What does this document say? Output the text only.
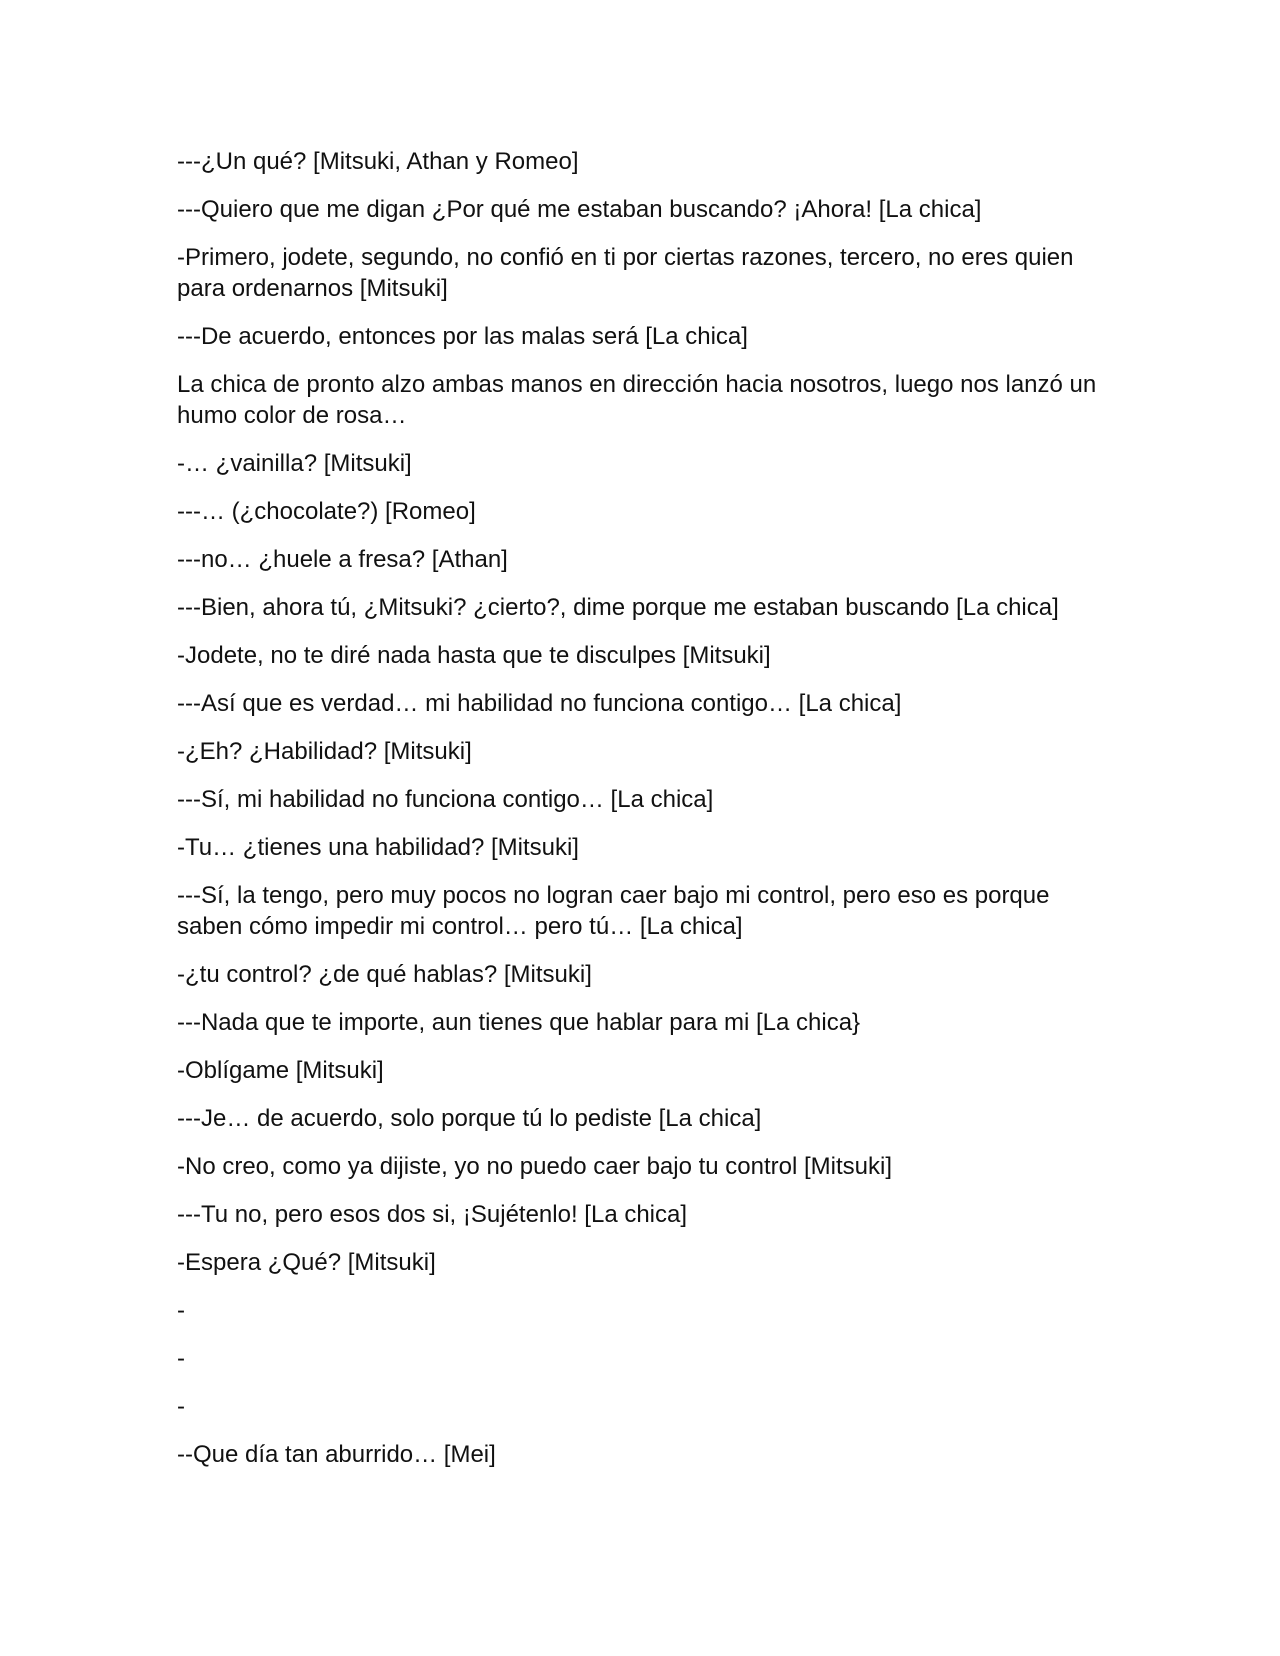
---¿Un qué? [Mitsuki, Athan y Romeo]

---Quiero que me digan ¿Por qué me estaban buscando? ¡Ahora! [La chica]

-Primero, jodete, segundo, no confió en ti por ciertas razones, tercero, no eres quien para ordenarnos [Mitsuki]

---De acuerdo, entonces por las malas será [La chica]

La chica de pronto alzo ambas manos en dirección hacia nosotros, luego nos lanzó un humo color de rosa…

-… ¿vainilla? [Mitsuki]

---… (¿chocolate?) [Romeo]

---no… ¿huele a fresa? [Athan]

---Bien, ahora tú, ¿Mitsuki? ¿cierto?, dime porque me estaban buscando [La chica]

-Jodete, no te diré nada hasta que te disculpes [Mitsuki]

---Así que es verdad… mi habilidad no funciona contigo… [La chica]

-¿Eh? ¿Habilidad? [Mitsuki]

---Sí, mi habilidad no funciona contigo… [La chica]

-Tu… ¿tienes una habilidad? [Mitsuki]

---Sí, la tengo, pero muy pocos no logran caer bajo mi control, pero eso es porque saben cómo impedir mi control… pero tú… [La chica]

-¿tu control? ¿de qué hablas? [Mitsuki]

---Nada que te importe, aun tienes que hablar para mi [La chica}

-Oblígame [Mitsuki]

---Je… de acuerdo, solo porque tú lo pediste [La chica]

-No creo, como ya dijiste, yo no puedo caer bajo tu control [Mitsuki]

---Tu no, pero esos dos si, ¡Sujétenlo! [La chica]

-Espera ¿Qué? [Mitsuki]

-

-

-

--Que día tan aburrido… [Mei]
